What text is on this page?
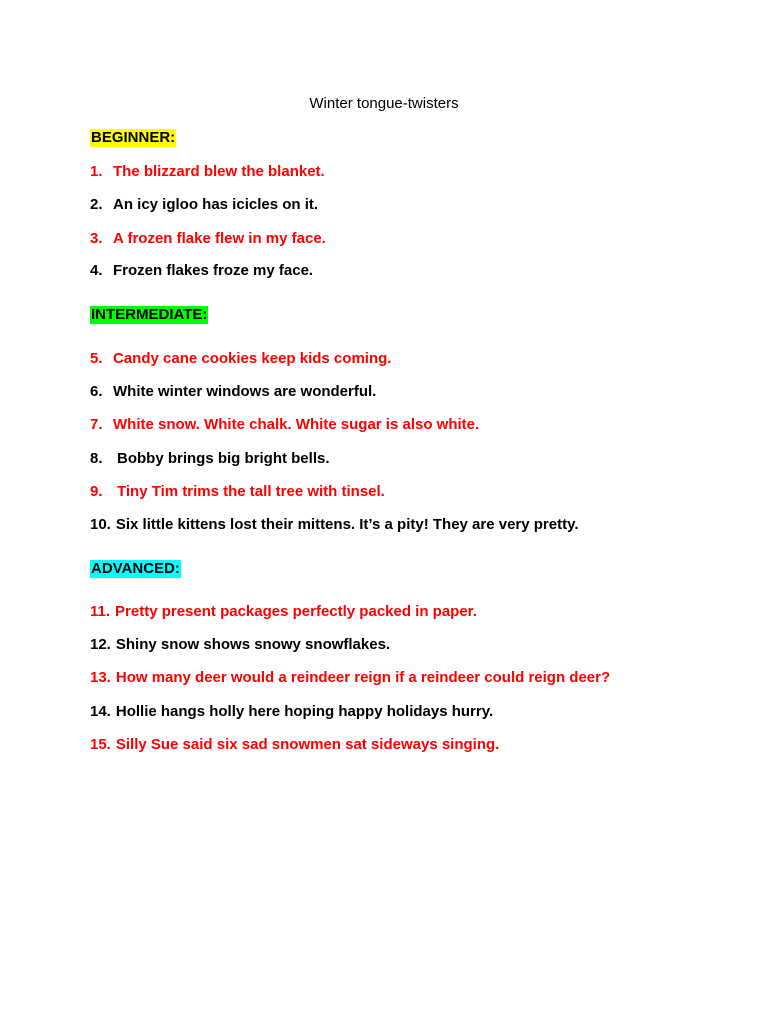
Winter tongue-twisters
BEGINNER:
1. The blizzard blew the blanket.
2. An icy igloo has icicles on it.
3. A frozen flake flew in my face.
4. Frozen flakes froze my face.
INTERMEDIATE:
5. Candy cane cookies keep kids coming.
6. White winter windows are wonderful.
7. White snow. White chalk. White sugar is also white.
8. Bobby brings big bright bells.
9. Tiny Tim trims the tall tree with tinsel.
10. Six little kittens lost their mittens. It’s a pity! They are very pretty.
ADVANCED:
11. Pretty present packages perfectly packed in paper.
12. Shiny snow shows snowy snowflakes.
13. How many deer would a reindeer reign if a reindeer could reign deer?
14. Hollie hangs holly here hoping happy holidays hurry.
15. Silly Sue said six sad snowmen sat sideways singing.
